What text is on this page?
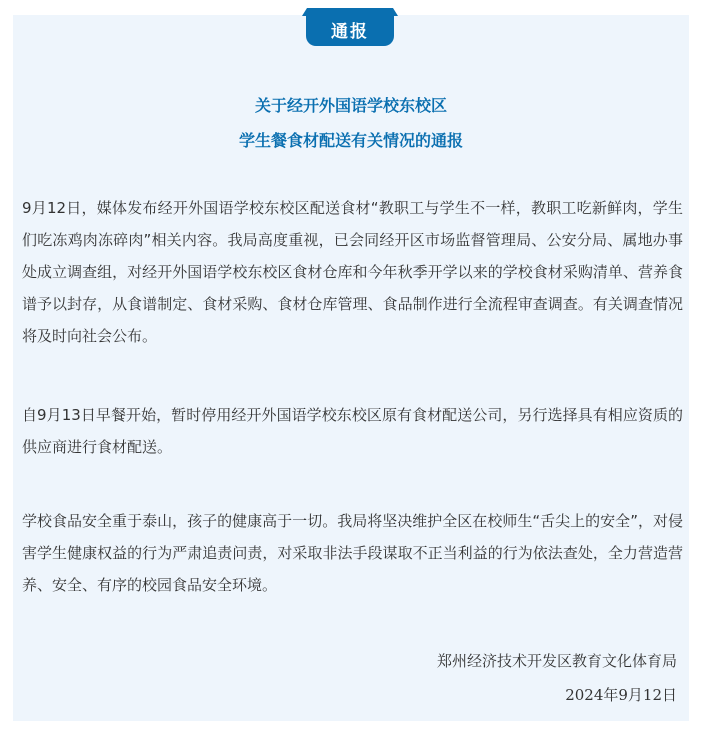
通报
关于经开外国语学校东校区
学生餐食材配送有关情况的通报

9月12日，媒体发布经开外国语学校东校区配送食材“教职工与学生不一样，教职工吃新鲜肉，学生们吃冻鸡肉冻碎肉”相关内容。我局高度重视，已会同经开区市场监督管理局、公安分局、属地办事处成立调查组，对经开外国语学校东校区食材仓库和今年秋季开学以来的学校食材采购清单、营养食谱予以封存，从食谱制定、食材采购、食材仓库管理、食品制作进行全流程审查调查。有关调查情况将及时向社会公布。

自9月13日早餐开始，暂时停用经开外国语学校东校区原有食材配送公司，另行选择具有相应资质的供应商进行食材配送。

学校食品安全重于泰山，孩子的健康高于一切。我局将坚决维护全区在校师生“舌尖上的安全”，对侵害学生健康权益的行为严肃追责问责，对采取非法手段谋取不正当利益的行为依法查处，全力营造营养、安全、有序的校园食品安全环境。

郑州经济技术开发区教育文化体育局
2024年9月12日
